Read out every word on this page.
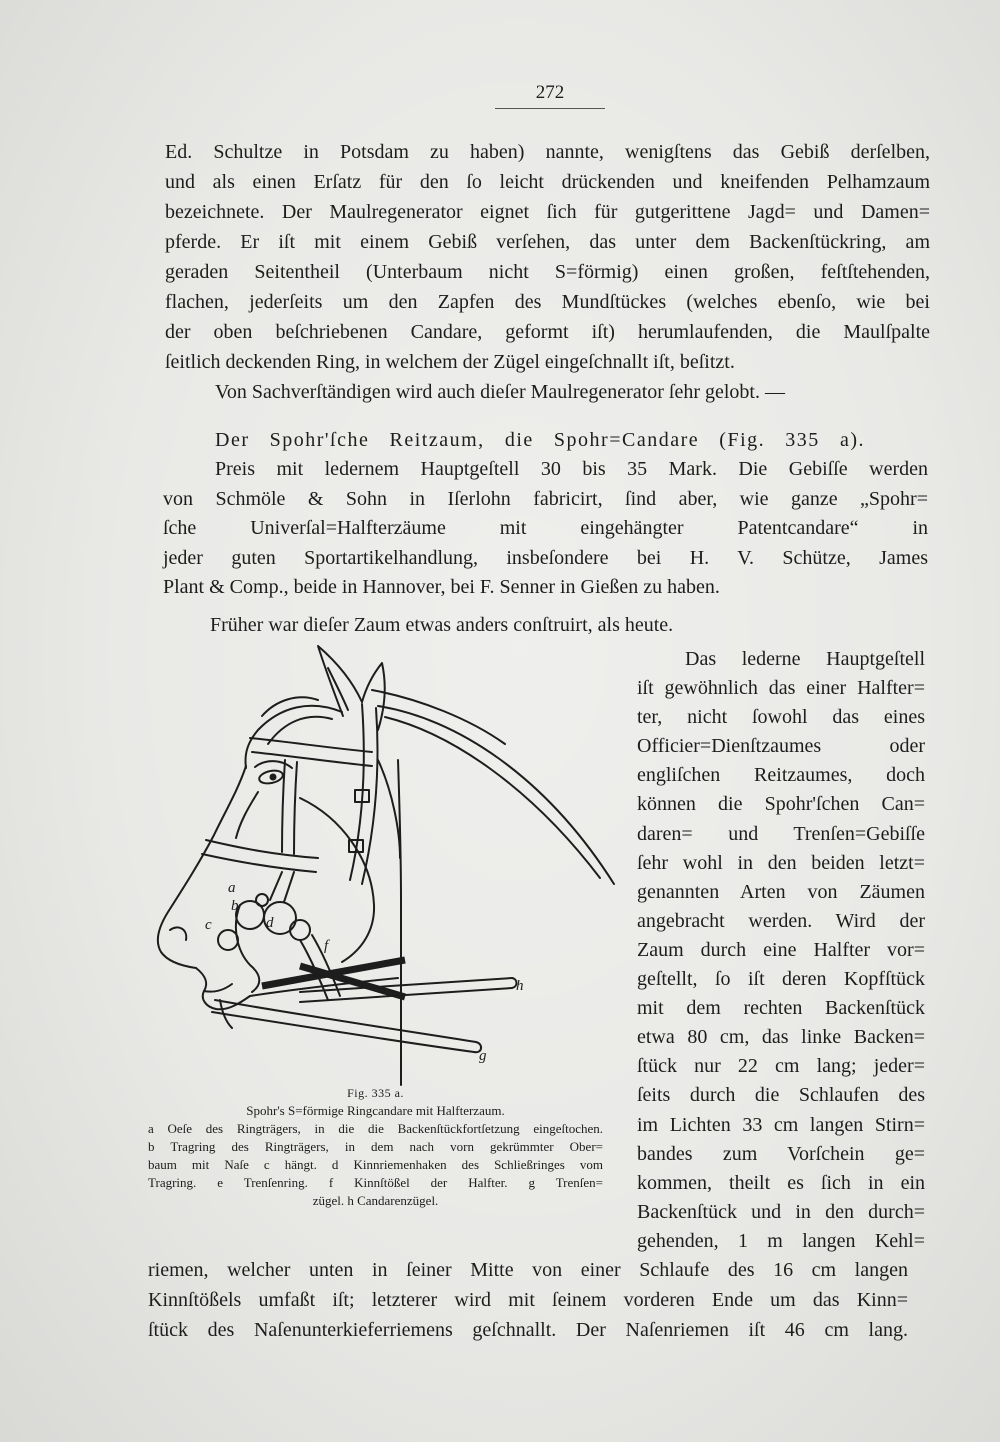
272
Ed. Schultze in Potsdam zu haben) nannte, wenigſtens das Gebiß derſelben,
und als einen Erſatz für den ſo leicht drückenden und kneifenden Pelhamzaum
bezeichnete. Der Maulregenerator eignet ſich für gutgerittene Jagd= und Damen=
pferde. Er iſt mit einem Gebiß verſehen, das unter dem Backenſtückring, am
geraden Seitentheil (Unterbaum nicht S=förmig) einen großen, feſtſtehenden,
flachen, jederſeits um den Zapfen des Mundſtückes (welches ebenſo, wie bei
der oben beſchriebenen Candare, geformt iſt) herumlaufenden, die Maulſpalte
ſeitlich deckenden Ring, in welchem der Zügel eingeſchnallt iſt, beſitzt.
Von Sachverſtändigen wird auch dieſer Maulregenerator ſehr gelobt. —
Der Spohr'ſche Reitzaum, die Spohr=Candare (Fig. 335 a).
Preis mit ledernem Hauptgeſtell 30 bis 35 Mark. Die Gebiſſe werden
von Schmöle & Sohn in Iſerlohn fabricirt, ſind aber, wie ganze „Spohr=
ſche Univerſal=Halfterzäume mit eingehängter Patentcandare“ in
jeder guten Sportartikelhandlung, insbeſondere bei H. V. Schütze, James
Plant & Comp., beide in Hannover, bei F. Senner in Gießen zu haben.
Früher war dieſer Zaum etwas anders conſtruirt, als heute.
Das lederne Hauptgeſtell
iſt gewöhnlich das einer Halfter=
ter, nicht ſowohl das eines
Officier=Dienſtzaumes oder
engliſchen Reitzaumes, doch
können die Spohr'ſchen Can=
daren= und Trenſen=Gebiſſe
ſehr wohl in den beiden letzt=
genannten Arten von Zäumen
angebracht werden. Wird der
Zaum durch eine Halfter vor=
geſtellt, ſo iſt deren Kopfſtück
mit dem rechten Backenſtück
etwa 80 cm, das linke Backen=
ſtück nur 22 cm lang; jeder=
ſeits durch die Schlaufen des
im Lichten 33 cm langen Stirn=
bandes zum Vorſchein ge=
kommen, theilt es ſich in ein
Backenſtück und in den durch=
gehenden, 1 m langen Kehl=
a
b
c	d
f
h
g
Fig. 335 a.
Spohr's S=förmige Ringcandare mit Halfterzaum.
a Oeſe des Ringträgers, in die die Backenſtückfortſetzung eingeſtochen.
b Tragring des Ringträgers, in dem nach vorn gekrümmter Ober=
baum mit Naſe c hängt. d Kinnriemenhaken des Schließringes vom
Tragring. e Trenſenring. f Kinnſtößel der Halfter. g Trenſen=
zügel. h Candarenzügel.
riemen, welcher unten in ſeiner Mitte von einer Schlaufe des 16 cm langen
Kinnſtößels umfaßt iſt; letzterer wird mit ſeinem vorderen Ende um das Kinn=
ſtück des Naſenunterkieferriemens geſchnallt. Der Naſenriemen iſt 46 cm lang.
